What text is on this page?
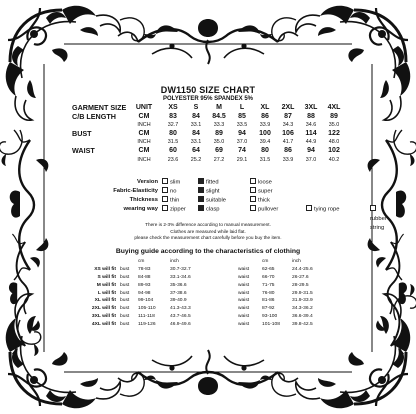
DW1150 SIZE CHART
POLYESTER 95% SPANDEX 5%
GARMENT SIZE UNIT	XS	S	M	L	XL	2XL	3XL	4XL
C/B LENGTH	CM	83	84	84.5	85	86	87	88	89
INCH	32.7	33.1	33.3	33.5	33.9	34.3	34.6	35.0
BUST	CM	80	84	89	94	100	106	114	122
INCH	31.5	33.1	35.0	37.0	39.4	41.7	44.9	48.0
WAIST	CM	60	64	69	74	80	86	94	102
INCH	23.6	25.2	27.2	29.1	31.5	33.9	37.0	40.2
Version	slim	fitted	loose
Fabric-Elasticity	no	slight	super
Thickness	thin	suitable	thick
wearing way	zipper	clasp	pullover	tying rope
rubber string
There is 2-3% difference according to manual measurement.
Clothes are measured while laid flat.
please check the measurement chart carefully before you buy the item.
Buying guide according to the characteristics of clothing
cm	inch	cm	inch
XS will fit bust 78-83	30.7-32.7	waist	62-65	24.4-25.6
S will fit bust 84-88	33.1-34.6	waist	66-70	26-27.6
M will fit bust 89-93	35-36.6	waist	71-75	28-29.5
L will fit bust 94-98	37-38.6	waist	76-80	29.9-31.5
XL will fit bust 99-104	39-40.9	waist	81-86	31.9-33.9
2XL will fit bust 105-110	41.3-43.3	waist	87-92	34.3-36.2
3XL will fit bust 111-118	43.7-46.5	waist	93-100	36.6-39.4
4XL will fit bust 119-126	46.9-49.6	waist	101-108 39.8-42.5
